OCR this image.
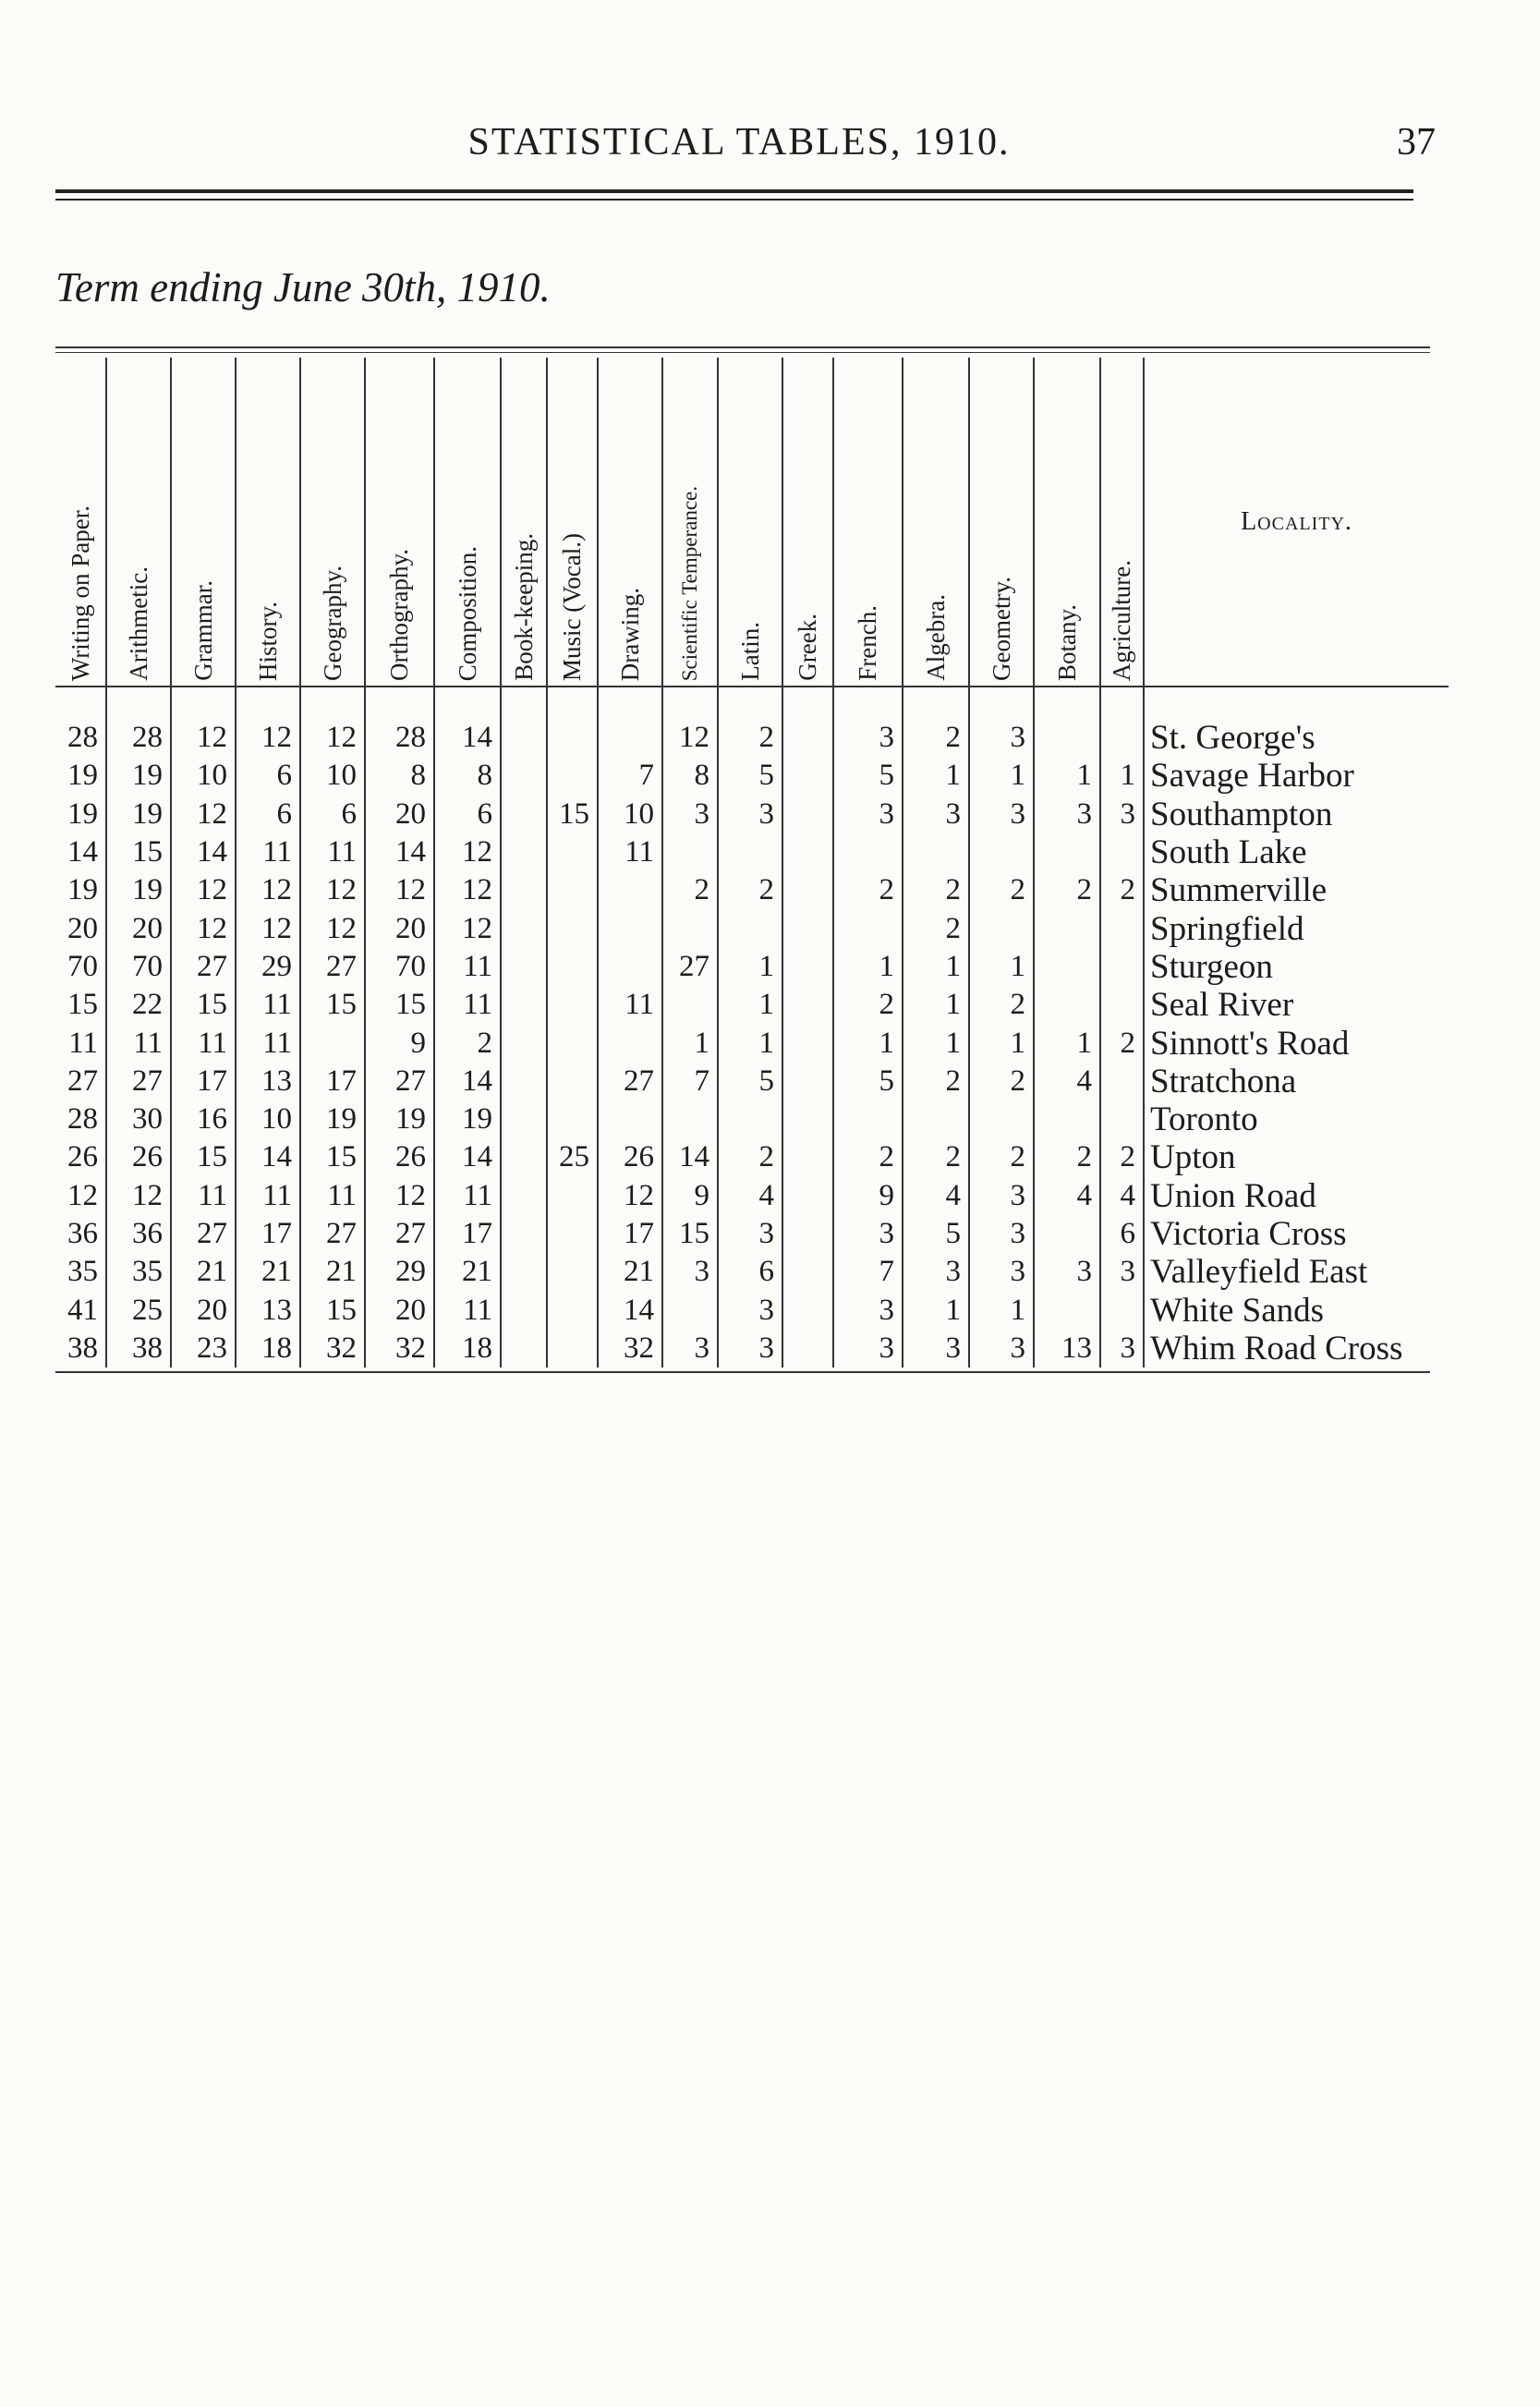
STATISTICAL TABLES, 1910.	37
Term ending June 30th, 1910.
Writing on Paper.	Arithmetic.	Grammar.	History.	Geography.	Orthography.	Composition.	Book-keeping.	Music (Vocal.)	Drawing.	Scientific Temperance.	Latin.	Greek.	French.	Algebra.	Geometry.	Botany.	Agriculture.	Locality.
28	28	12	12	12	28	14				12	2		3	2	3			St. George's
19	19	10	6	10	8	8			7	8	5		5	1	1	1	1	Savage Harbor
19	19	12	6	6	20	6		15	10	3	3		3	3	3	3	3	Southampton
14	15	14	11	11	14	12			11									South Lake
19	19	12	12	12	12	12				2	2		2	2	2	2	2	Summerville
20	20	12	12	12	20	12								2				Springfield
70	70	27	29	27	70	11				27	1		1	1	1			Sturgeon
15	22	15	11	15	15	11			11		1		2	1	2			Seal River
11	11	11	11		9	2				1	1		1	1	1	1	2	Sinnott's Road
27	27	17	13	17	27	14			27	7	5		5	2	2	4		Stratchona
28	30	16	10	19	19	19												Toronto
26	26	15	14	15	26	14		25	26	14	2		2	2	2	2	2	Upton
12	12	11	11	11	12	11			12	9	4		9	4	3	4	4	Union Road
36	36	27	17	27	27	17			17	15	3		3	5	3		6	Victoria Cross
35	35	21	21	21	29	21			21	3	6		7	3	3	3	3	Valleyfield East
41	25	20	13	15	20	11			14		3		3	1	1			White Sands
38	38	23	18	32	32	18			32	3	3		3	3	3	13	3	Whim Road Cross
